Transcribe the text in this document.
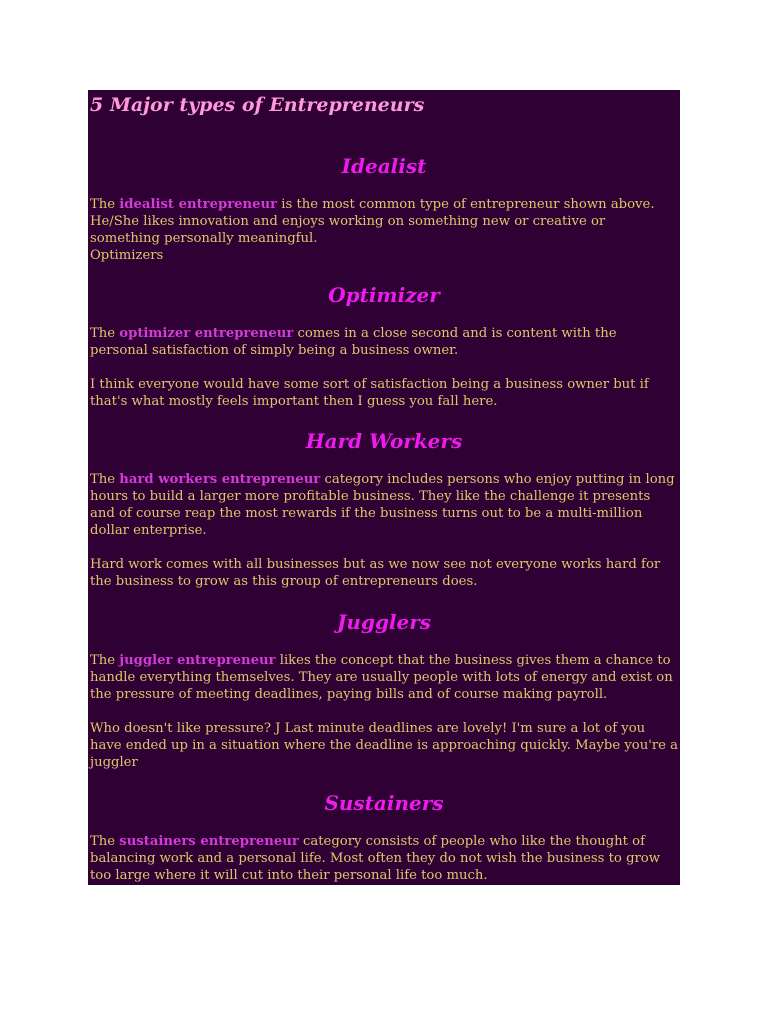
5 Major types of Entrepreneurs
Idealist

The idealist entrepreneur is the most common type of entrepreneur shown above. He/She likes innovation and enjoys working on something new or creative or something personally meaningful.
Optimizers

Optimizer

The optimizer entrepreneur comes in a close second and is content with the personal satisfaction of simply being a business owner.

I think everyone would have some sort of satisfaction being a business owner but if that's what mostly feels important then I guess you fall here.

Hard Workers

The hard workers entrepreneur category includes persons who enjoy putting in long hours to build a larger more profitable business. They like the challenge it presents and of course reap the most rewards if the business turns out to be a multi-million dollar enterprise.

Hard work comes with all businesses but as we now see not everyone works hard for the business to grow as this group of entrepreneurs does.

Jugglers

The juggler entrepreneur likes the concept that the business gives them a chance to handle everything themselves. They are usually people with lots of energy and exist on the pressure of meeting deadlines, paying bills and of course making payroll.

Who doesn't like pressure? J Last minute deadlines are lovely! I'm sure a lot of you have ended up in a situation where the deadline is approaching quickly. Maybe you're a juggler

Sustainers

The sustainers entrepreneur category consists of people who like the thought of balancing work and a personal life. Most often they do not wish the business to grow too large where it will cut into their personal life too much.
